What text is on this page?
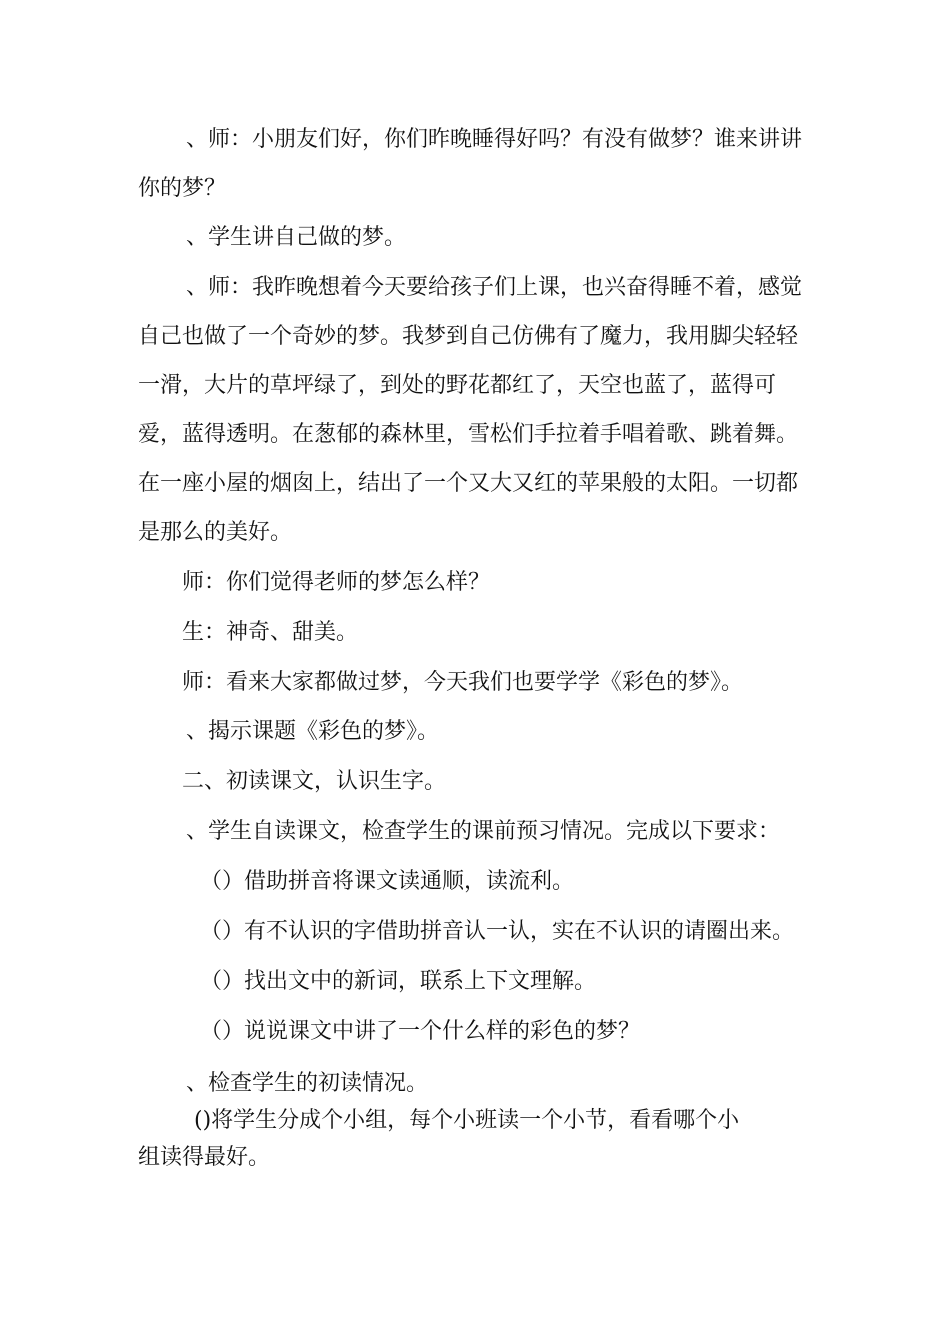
、师：小朋友们好，你们昨晚睡得好吗？有没有做梦？谁来讲讲你的梦？

、学生讲自己做的梦。

、师：我昨晚想着今天要给孩子们上课，也兴奋得睡不着，感觉自己也做了一个奇妙的梦。我梦到自己仿佛有了魔力，我用脚尖轻轻一滑，大片的草坪绿了，到处的野花都红了，天空也蓝了，蓝得可爱，蓝得透明。在葱郁的森林里，雪松们手拉着手唱着歌、跳着舞。在一座小屋的烟囱上，结出了一个又大又红的苹果般的太阳。一切都是那么的美好。

师：你们觉得老师的梦怎么样？

生：神奇、甜美。

师：看来大家都做过梦，今天我们也要学学《彩色的梦》。

、揭示课题《彩色的梦》。

二、初读课文，认识生字。

、学生自读课文，检查学生的课前预习情况。完成以下要求：

（）借助拼音将课文读通顺，读流利。

（）有不认识的字借助拼音认一认，实在不认识的请圈出来。

（）找出文中的新词，联系上下文理解。

（）说说课文中讲了一个什么样的彩色的梦？

、检查学生的初读情况。

()将学生分成个小组，每个小班读一个小节，看看哪个小

组读得最好。
